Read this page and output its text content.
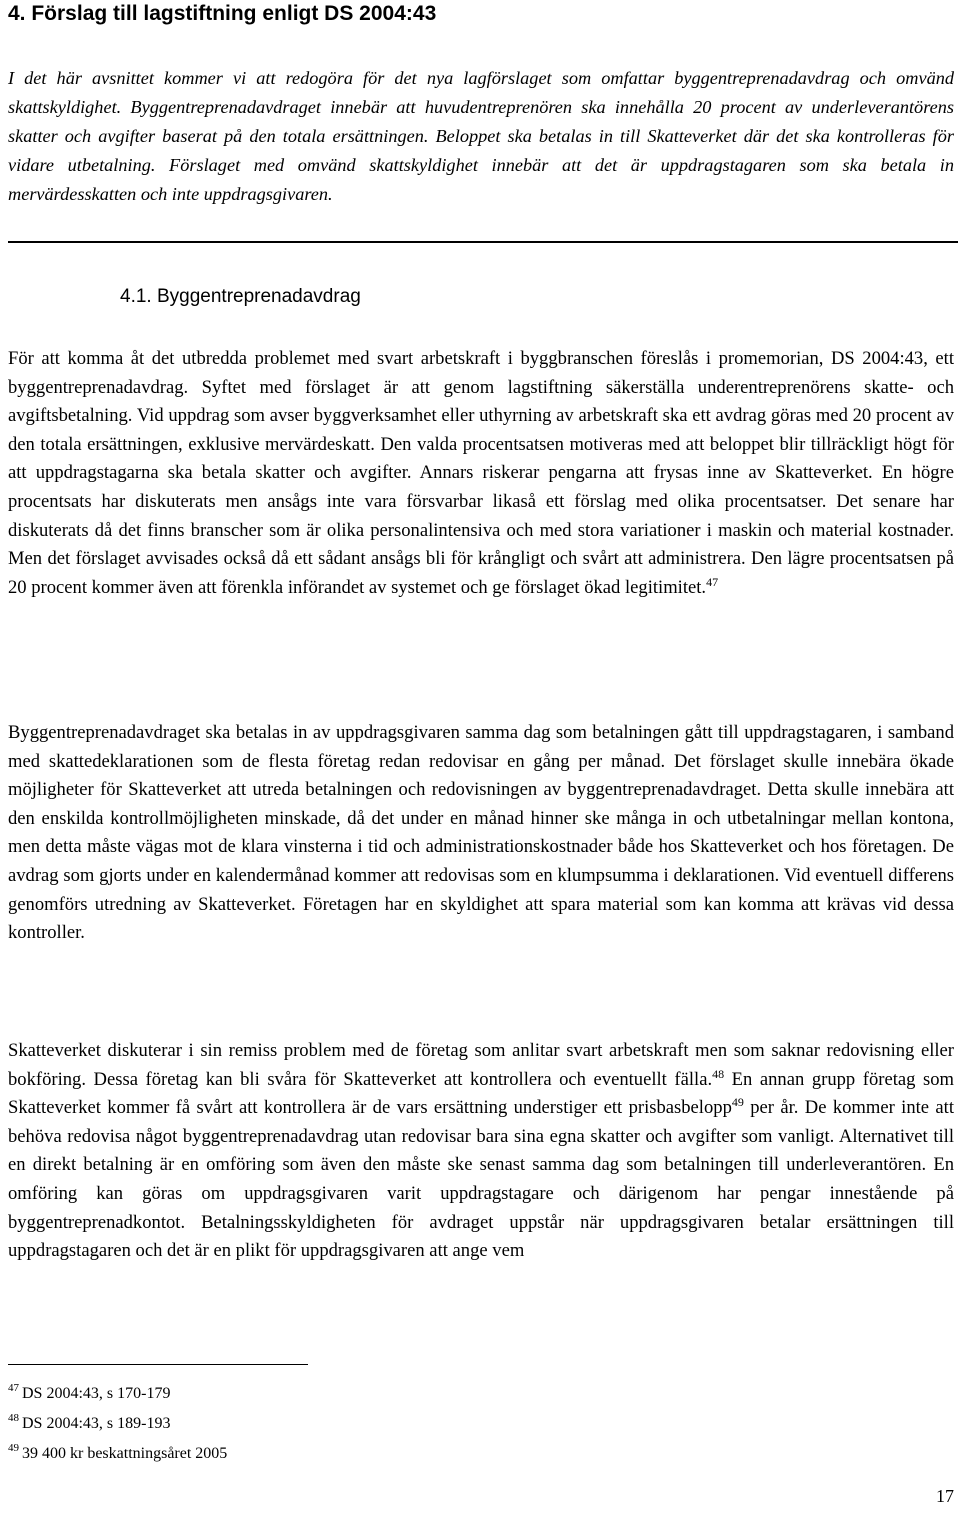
4. Förslag till lagstiftning enligt DS 2004:43

I det här avsnittet kommer vi att redogöra för det nya lagförslaget som omfattar byggentreprenadavdrag och omvänd skattskyldighet. Byggentreprenadavdraget innebär att huvudentreprenören ska innehålla 20 procent av underleverantörens skatter och avgifter baserat på den totala ersättningen. Beloppet ska betalas in till Skatteverket där det ska kontrolleras för vidare utbetalning. Förslaget med omvänd skattskyldighet innebär att det är uppdragstagaren som ska betala in mervärdesskatten och inte uppdragsgivaren.

4.1. Byggentreprenadavdrag

För att komma åt det utbredda problemet med svart arbetskraft i byggbranschen föreslås i promemorian, DS 2004:43, ett byggentreprenadavdrag. Syftet med förslaget är att genom lagstiftning säkerställa underentreprenörens skatte- och avgiftsbetalning. Vid uppdrag som avser byggverksamhet eller uthyrning av arbetskraft ska ett avdrag göras med 20 procent av den totala ersättningen, exklusive mervärdeskatt. Den valda procentsatsen motiveras med att beloppet blir tillräckligt högt för att uppdragstagarna ska betala skatter och avgifter. Annars riskerar pengarna att frysas inne av Skatteverket. En högre procentsats har diskuterats men ansågs inte vara försvarbar likaså ett förslag med olika procentsatser. Det senare har diskuterats då det finns branscher som är olika personalintensiva och med stora variationer i maskin och material kostnader. Men det förslaget avvisades också då ett sådant ansågs bli för krångligt och svårt att administrera. Den lägre procentsatsen på 20 procent kommer även att förenkla införandet av systemet och ge förslaget ökad legitimitet.$^{47}$

Byggentreprenadavdraget ska betalas in av uppdragsgivaren samma dag som betalningen gått till uppdragstagaren, i samband med skattedeklarationen som de flesta företag redan redovisar en gång per månad. Det förslaget skulle innebära ökade möjligheter för Skatteverket att utreda betalningen och redovisningen av byggentreprenadavdraget. Detta skulle innebära att den enskilda kontrollmöjligheten minskade, då det under en månad hinner ske många in och utbetalningar mellan kontona, men detta måste vägas mot de klara vinsterna i tid och administrationskostnader både hos Skatteverket och hos företagen. De avdrag som gjorts under en kalendermånad kommer att redovisas som en klumpsumma i deklarationen. Vid eventuell differens genomförs utredning av Skatteverket. Företagen har en skyldighet att spara material som kan komma att krävas vid dessa kontroller.

Skatteverket diskuterar i sin remiss problem med de företag som anlitar svart arbetskraft men som saknar redovisning eller bokföring. Dessa företag kan bli svåra för Skatteverket att kontrollera och eventuellt fälla.$^{48}$ En annan grupp företag som Skatteverket kommer få svårt att kontrollera är de vars ersättning understiger ett prisbasbelopp$^{49}$ per år. De kommer inte att behöva redovisa något byggentreprenadavdrag utan redovisar bara sina egna skatter och avgifter som vanligt. Alternativet till en direkt betalning är en omföring som även den måste ske senast samma dag som betalningen till underleverantören. En omföring kan göras om uppdragsgivaren varit uppdragstagare och därigenom har pengar innestående på byggentreprenadkontot. Betalningsskyldigheten för avdraget uppstår när uppdragsgivaren betalar ersättningen till uppdragstagaren och det är en plikt för uppdragsgivaren att ange vem

$^{47}$ DS 2004:43, s 170-179
$^{48}$ DS 2004:43, s 189-193
$^{49}$ 39 400 kr beskattningsåret 2005

17
